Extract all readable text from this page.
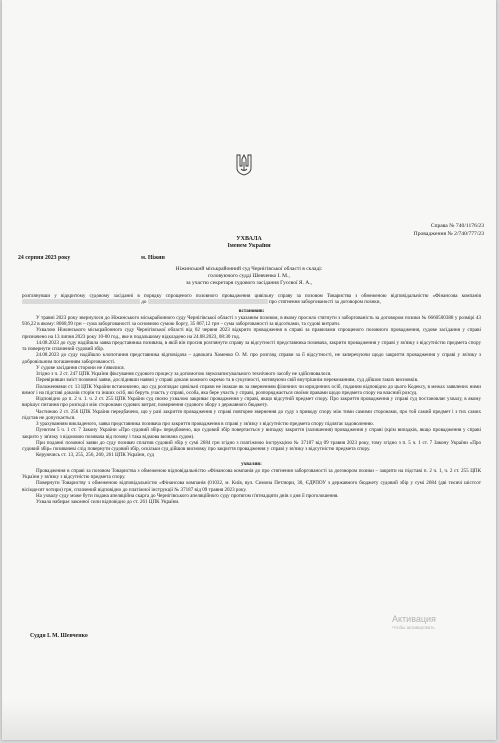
Справа № 740/1176/23
Провадження № 2/740/777/23
УХВАЛА
Іменем України
24 серпня 2023 року	м. Ніжин
Ніжинський міськрайонний суд Чернігівської області в складі:
головуючого судді Шевченко І. М.,
за участю секретаря судового засідання Гусєвої Я. А.,

розглянувши у відкритому судовому засіданні в порядку спрощеного позовного провадження цивільну справу за позовом Товариства з обмеженою відповідальністю «Фінансова компанія  до	про стягнення заборгованості за договором позики,

встановив:

У травні 2023 року звернулося до Ніжинського міськрайонного суду Чернігівської області з указаним позовом, в якому просило стягнути з заборгованість за договором позики № 6660500388 у розмірі 43 936,22 в якому: 8068,99 грн – сума заборгованості за основною сумою боргу, 35 867,12 грн – сума заборгованості за відсотками, та судові витрати.

Ухвалою Ніжинського міськрайонного суду Чернігівської області від 02 червня 2023 відкрито провадження в справі за правилами спрощеного позовного провадження, судове засідання у справі призначено на 13 липня 2023 року 10-00 год., яке в подальшому відкладено на 24.08.2023, 08:30 год.

14.08.2023 до суду надійшла заява представника позивача, в якій він просив розглянути справу за відсутності представника позивача, закрити провадження у справі у зв'язку з відсутністю предмета спору та повернути сплачений судовий збір.

24.08.2023 до суду надійшло клопотання представника відповідача – адвоката Хоменко О. М. про розгляд справи за її відсутності, не заперечуючи щодо закриття провадження у справі у зв'язку з добровільним погашенням заборгованості.

У судове засідання сторони не з'явилися.

Згідно з ч. 2 ст. 247 ЦПК України фіксування судового процесу за допомогою звукозаписувального технічного засобу не здійснювалося.

Перевіривши зміст позовної заяви, дослідивши наявні у справі докази кожного окремо та в сукупності, мотивуючи свій внутрішнім переконанням, суд дійшов таких висновків.

Положеннями ст. 13 ЦПК України встановлено, що суд розглядає цивільні справи не інакше як за зверненням фізичних чи юридичних осіб, поданим відповідно до цього Кодексу, в межах заявлених ними вимог і на підставі доказів сторін та інших осіб, які беруть участь у справі, особа, яка бере участь у справі, розпоряджається своїми правами щодо предмета спору на власний розсуд.

Відповідно до п. 2 ч. 1. ч. 2 ст. 255 ЦПК України суд своєю ухвалою закриває провадження у справі, якщо відсутній предмет спору. Про закриття провадження у справі суд постановляє ухвалу, в якому вирішує питання про розподіл між сторонами судових витрат, повернення судового збору з державного бюджету.

Частиною 2 ст. 256 ЦПК України передбачено, що у разі закриття провадження у справі повторне звернення до суду з приводу спору між тими самими сторонами, про той самий предмет і з тих самих підстав не допускається.

З урахуванням викладеного, заява представника позивача про закриття провадження в справі у зв'язку з відсутністю предмета спору підлягає задоволенню.

Пунктом 5 ч. 1 ст. 7 Закону України «Про судовий збір» передбачено, що судовий збір повертається у випадку закриття (залишення) провадження у справі (крім випадків, якщо провадження у справі закрито у зв'язку з відмовою позивача від позову і така відмова визнана судом).

При поданні позовної заяви до суду позивач сплатив судовий збір у сумі 2684 грн згідно з платіжною інструкцією № 37187 від 09 травня 2023 року, тому згідно з п. 5 ч. 1 ст. 7 Закону України «Про судовий збір» позивачеві слід повернути судовий збір, оскільки суд дійшов висновку про закриття провадження у справі у зв'язку з відсутністю предмета спору.

Керуючись ст. 13, 255, 256, 260, 261 ЦПК України, суд

ухвалив:

Провадження в справі за позовом Товариства з обмеженою відповідальністю «Фінансова компанія до про стягнення заборгованості за договором позики – закрити на підставі п. 2 ч. 1, ч. 2 ст. 255 ЦПК України у зв'язку з відсутністю предмета спору.

Повернути Товариству з обмеженою відповідальністю «Фінансова компанія (01032, м. Київ, вул. Симона Петлюри, 30, ЄДРПОУ з державного бюджету судовий збір у сумі 2684 (дві тисячі шістсот вісімдесят чотири) грн, сплачений відповідно до платіжної інструкції № 37187 від 09 травня 2023 року.

На ухвалу суду може бути подана апеляційна скарга до Чернігівського апеляційного суду протягом п'ятнадцяти днів з дня її проголошення.

Ухвала набирає законної сили відповідно до ст. 261 ЦПК України.

Суддя І. М. Шевченко
Активация
Чтобы активировать
